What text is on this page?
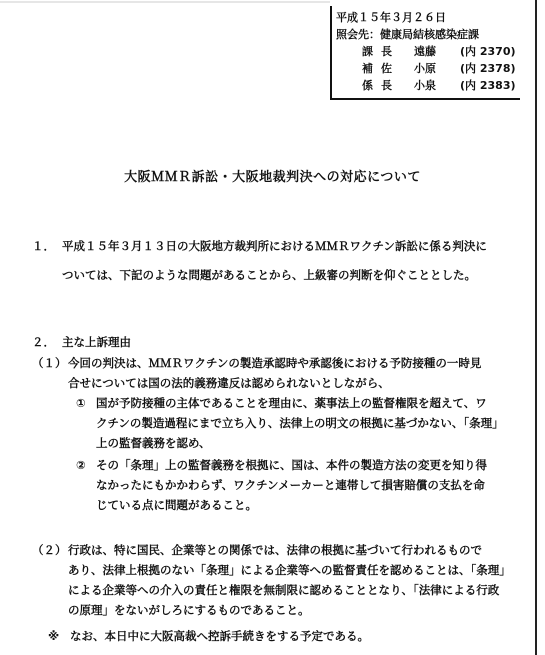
平成１５年３月２６日
照会先：健康局結核感染症課
課長 遠藤 (内 2370)
補佐 小原 (内 2378)
係長 小泉 (内 2383)
大阪ＭＭＲ訴訟・大阪地裁判決への対応について
１． 平成１５年３月１３日の大阪地方裁判所におけるＭＭＲワクチン訴訟に係る判決に
ついては、下記のような問題があることから、上級審の判断を仰ぐこととした。
２． 主な上訴理由
（１） 今回の判決は、ＭＭＲワクチンの製造承認時や承認後における予防接種の一時見
合せについては国の法的義務違反は認められないとしながら、
① 国が予防接種の主体であることを理由に、薬事法上の監督権限を超えて、ワ
クチンの製造過程にまで立ち入り、法律上の明文の根拠に基づかない、「条理」
上の監督義務を認め、
② その「条理」上の監督義務を根拠に、国は、本件の製造方法の変更を知り得
なかったにもかかわらず、ワクチンメーカーと連帯して損害賠償の支払を命
じている点に問題があること。
（２） 行政は、特に国民、企業等との関係では、法律の根拠に基づいて行われるもので
あり、法律上根拠のない「条理」による企業等への監督責任を認めることは、「条理」
による企業等への介入の責任と権限を無制限に認めることとなり、「法律による行政
の原理」をないがしろにするものであること。
※ なお、本日中に大阪高裁へ控訴手続きをする予定である。
